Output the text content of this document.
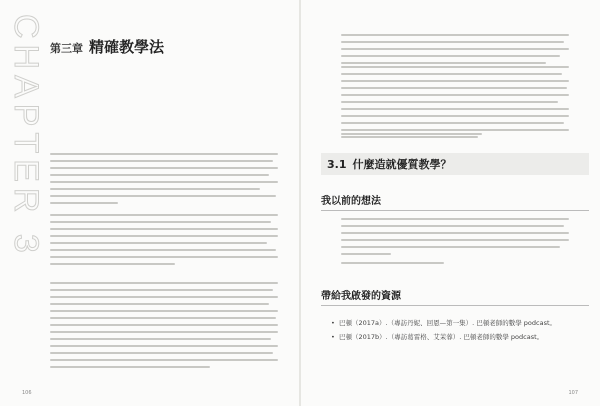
CHAPTER 3 第三章 精確教學法
106
3.1 什麼造就優質教學？
我以前的想法
帶給我啟發的資源
• 巴頓（2017a）.（專訪丹妮、回恩—第一集）. 巴頓老師的數學 podcast。
• 巴頓（2017b）.（專訪葛雷格、艾茉蓉）. 巴頓老師的數學 podcast。
107
